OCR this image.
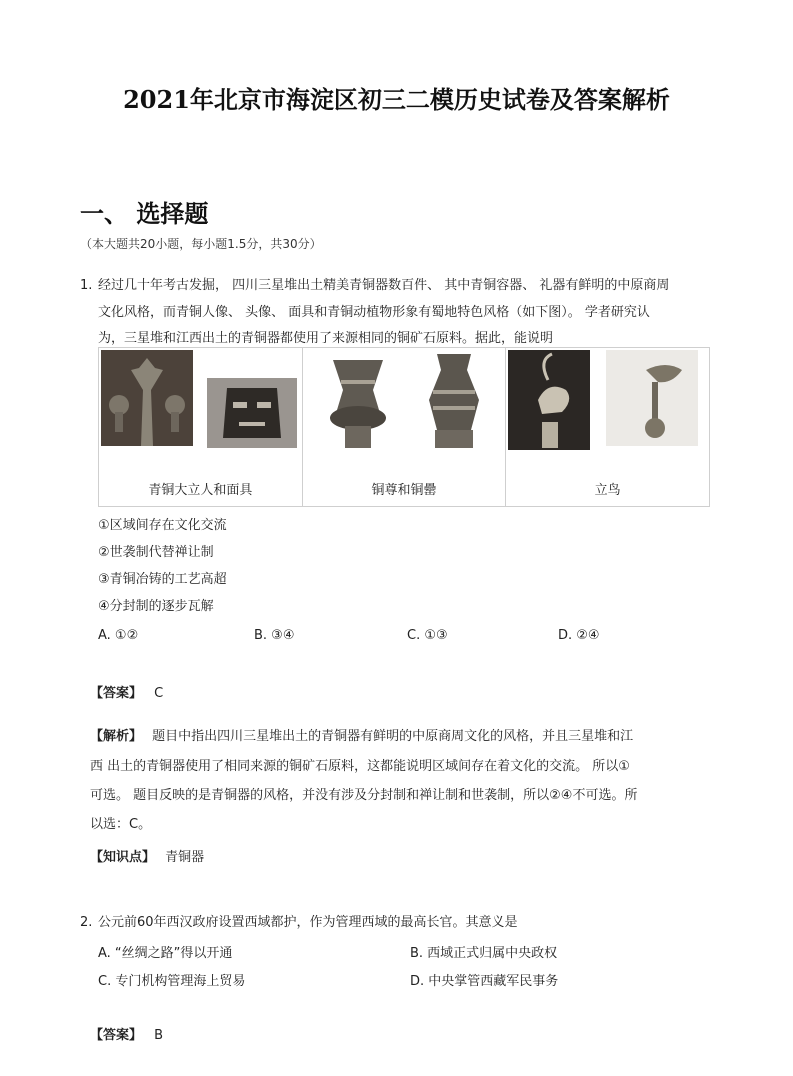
2021年北京市海淀区初三二模历史试卷及答案解析
一、 选择题
（本大题共20小题，每小题1.5分，共30分）
1. 经过几十年考古发掘， 四川三星堆出土精美青铜器数百件、 其中青铜容器、 礼器有鲜明的中原商周
文化风格，而青铜人像、 头像、 面具和青铜动植物形象有蜀地特色风格（如下图）。 学者研究认
为，三星堆和江西出土的青铜器都使用了来源相同的铜矿石原料。据此，能说明
青铜大立人和面具	铜尊和铜罍	立鸟
①区域间存在文化交流
②世袭制代替禅让制
③青铜冶铸的工艺高超
④分封制的逐步瓦解
A. ①②	B. ③④	C. ①③	D. ②④
【答案】 C
【解析】 题目中指出四川三星堆出土的青铜器有鲜明的中原商周文化的风格，并且三星堆和江
西 出土的青铜器使用了相同来源的铜矿石原料，这都能说明区域间存在着文化的交流。 所以①
可选。 题目反映的是青铜器的风格，并没有涉及分封制和禅让制和世袭制，所以②④不可选。所
以选：C。
【知识点】 青铜器
2. 公元前60年西汉政府设置西域都护，作为管理西域的最高长官。其意义是
A. “丝绸之路”得以开通	B. 西域正式归属中央政权
C. 专门机构管理海上贸易	D. 中央掌管西藏军民事务
【答案】 B
